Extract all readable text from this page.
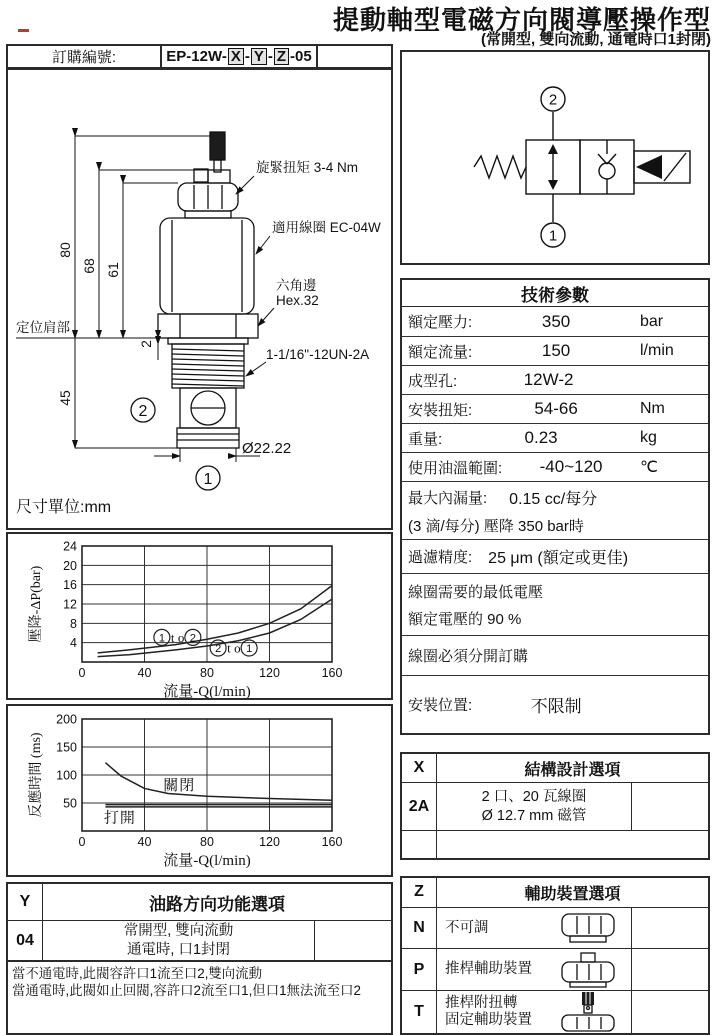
提動軸型電磁方向閥導壓操作型
(常開型, 雙向流動, 通電時口1封閉)
訂購編號:	EP-12W- X - Y - Z -05
2
1
80
68 61
2
45
Ø22.22
定位肩部
旋緊扭矩 3-4 Nm
適用線圈 EC-04W
六角邊
Hex.32
1-1/16"-12UN-2A
尺寸單位:mm
2
1
技術參數
額定壓力:	350	bar
額定流量:	150	l/min
成型孔:	12W-2
安裝扭矩:	54-66	Nm
重量:	0.23	kg
使用油溫範圍:	-40~120	℃
最大內漏量: 0.15 cc/每分
(3 滴/每分) 壓降 350 bar時
過濾精度: 25 μm (額定或更佳)
線圈需要的最低電壓
額定電壓的 90 %
線圈必須分開訂購
安裝位置:	不限制
4
8
12
16
20
24
0	40	80	120	160
1 t o 2
2 t o 1
壓降-ΔP(bar)
流量-Q(l/min)
50
100
150
200
0	40	80	120	160
關 閉
打 開
反應時間 (ms)
流量-Q(l/min)
X	結構設計選項
2A
2 口、20 瓦線圈
Ø 12.7 mm 磁管
Y	油路方向功能選項
04
常開型, 雙向流動
通電時, 口1封閉
當不通電時,此閥容許口1流至口2,雙向流動
當通電時,此閥如止回閥,容許口2流至口1,但口1無法流至口2
Z	輔助裝置選項
N	不可調
P	推桿輔助裝置
T
推桿附扭轉
固定輔助裝置
